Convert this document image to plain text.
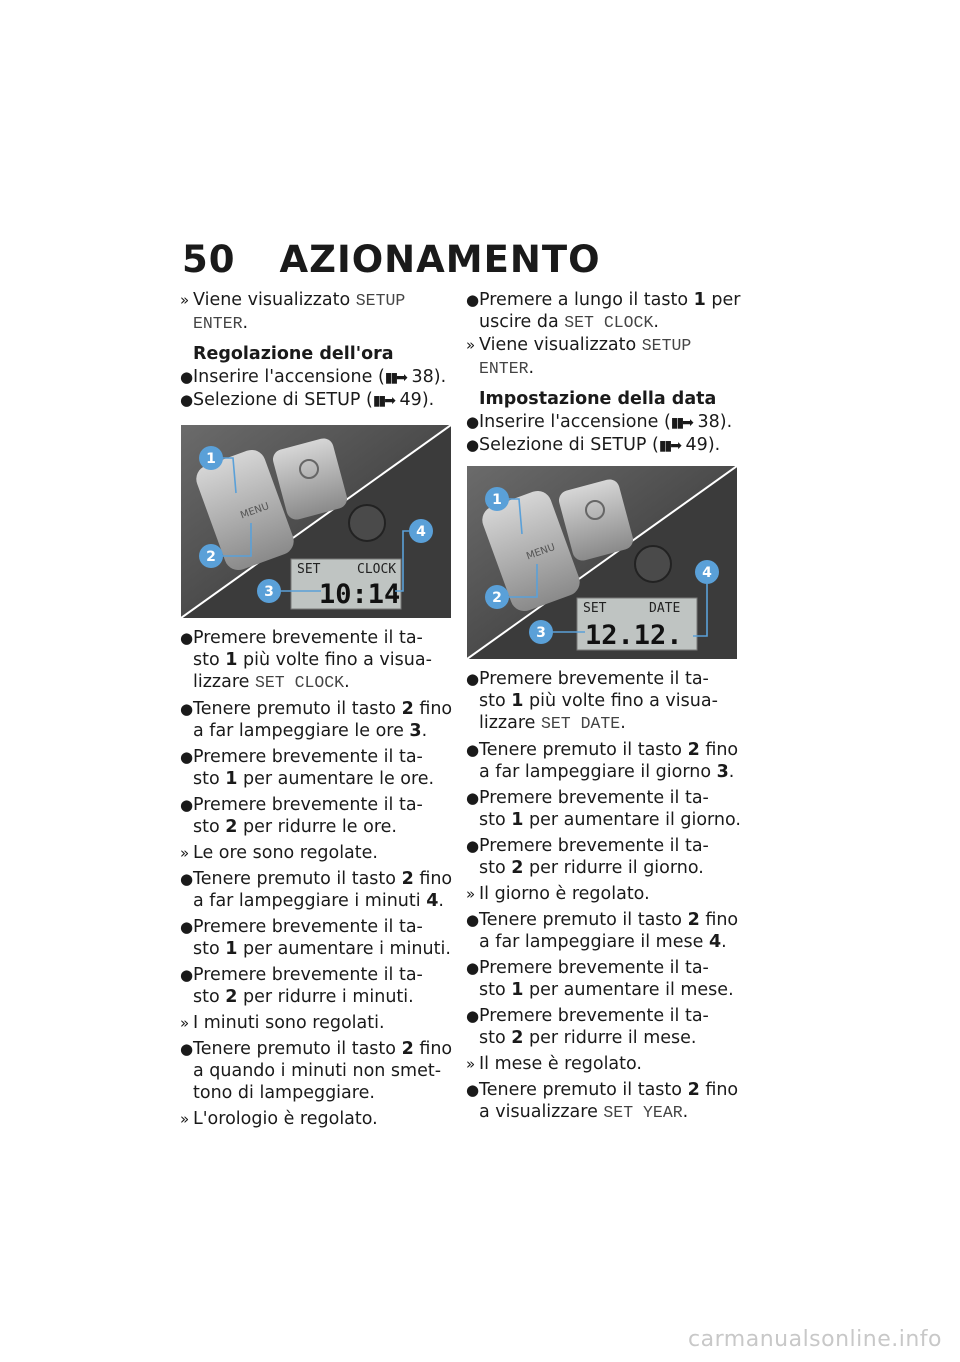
50 AZIONAMENTO

» Viene visualizzato SETUP ENTER.

Regolazione dell'ora

● Inserire l'accensione (▮▮➡ 38).

● Selezione di SETUP (▮▮➡ 49).

MENU
SET	CLOCK
10:14
1
2
3
4

● Premere brevemente il ta-

sto 1 più volte fino a visua-

lizzare SET CLOCK.

● Tenere premuto il tasto 2 fino

a far lampeggiare le ore 3.

● Premere brevemente il ta-

sto 1 per aumentare le ore.

● Premere brevemente il ta-

sto 2 per ridurre le ore.

» Le ore sono regolate.

● Tenere premuto il tasto 2 fino

a far lampeggiare i minuti 4.

● Premere brevemente il ta-

sto 1 per aumentare i minuti.

● Premere brevemente il ta-

sto 2 per ridurre i minuti.

» I minuti sono regolati.

● Tenere premuto il tasto 2 fino

a quando i minuti non smet-

tono di lampeggiare.

» L'orologio è regolato.

● Premere a lungo il tasto 1 per

uscire da SET CLOCK.

» Viene visualizzato SETUP ENTER.

Impostazione della data

● Inserire l'accensione (▮▮➡ 38).

● Selezione di SETUP (▮▮➡ 49).

MENU
SET	DATE
12.12.
1
2
3
4

● Premere brevemente il ta-

sto 1 più volte fino a visua-

lizzare SET DATE.

● Tenere premuto il tasto 2 fino

a far lampeggiare il giorno 3.

● Premere brevemente il ta-

sto 1 per aumentare il giorno.

● Premere brevemente il ta-

sto 2 per ridurre il giorno.

» Il giorno è regolato.

● Tenere premuto il tasto 2 fino

a far lampeggiare il mese 4.

● Premere brevemente il ta-

sto 1 per aumentare il mese.

● Premere brevemente il ta-

sto 2 per ridurre il mese.

» Il mese è regolato.

● Tenere premuto il tasto 2 fino

a visualizzare SET YEAR.

carmanualsonline.info
